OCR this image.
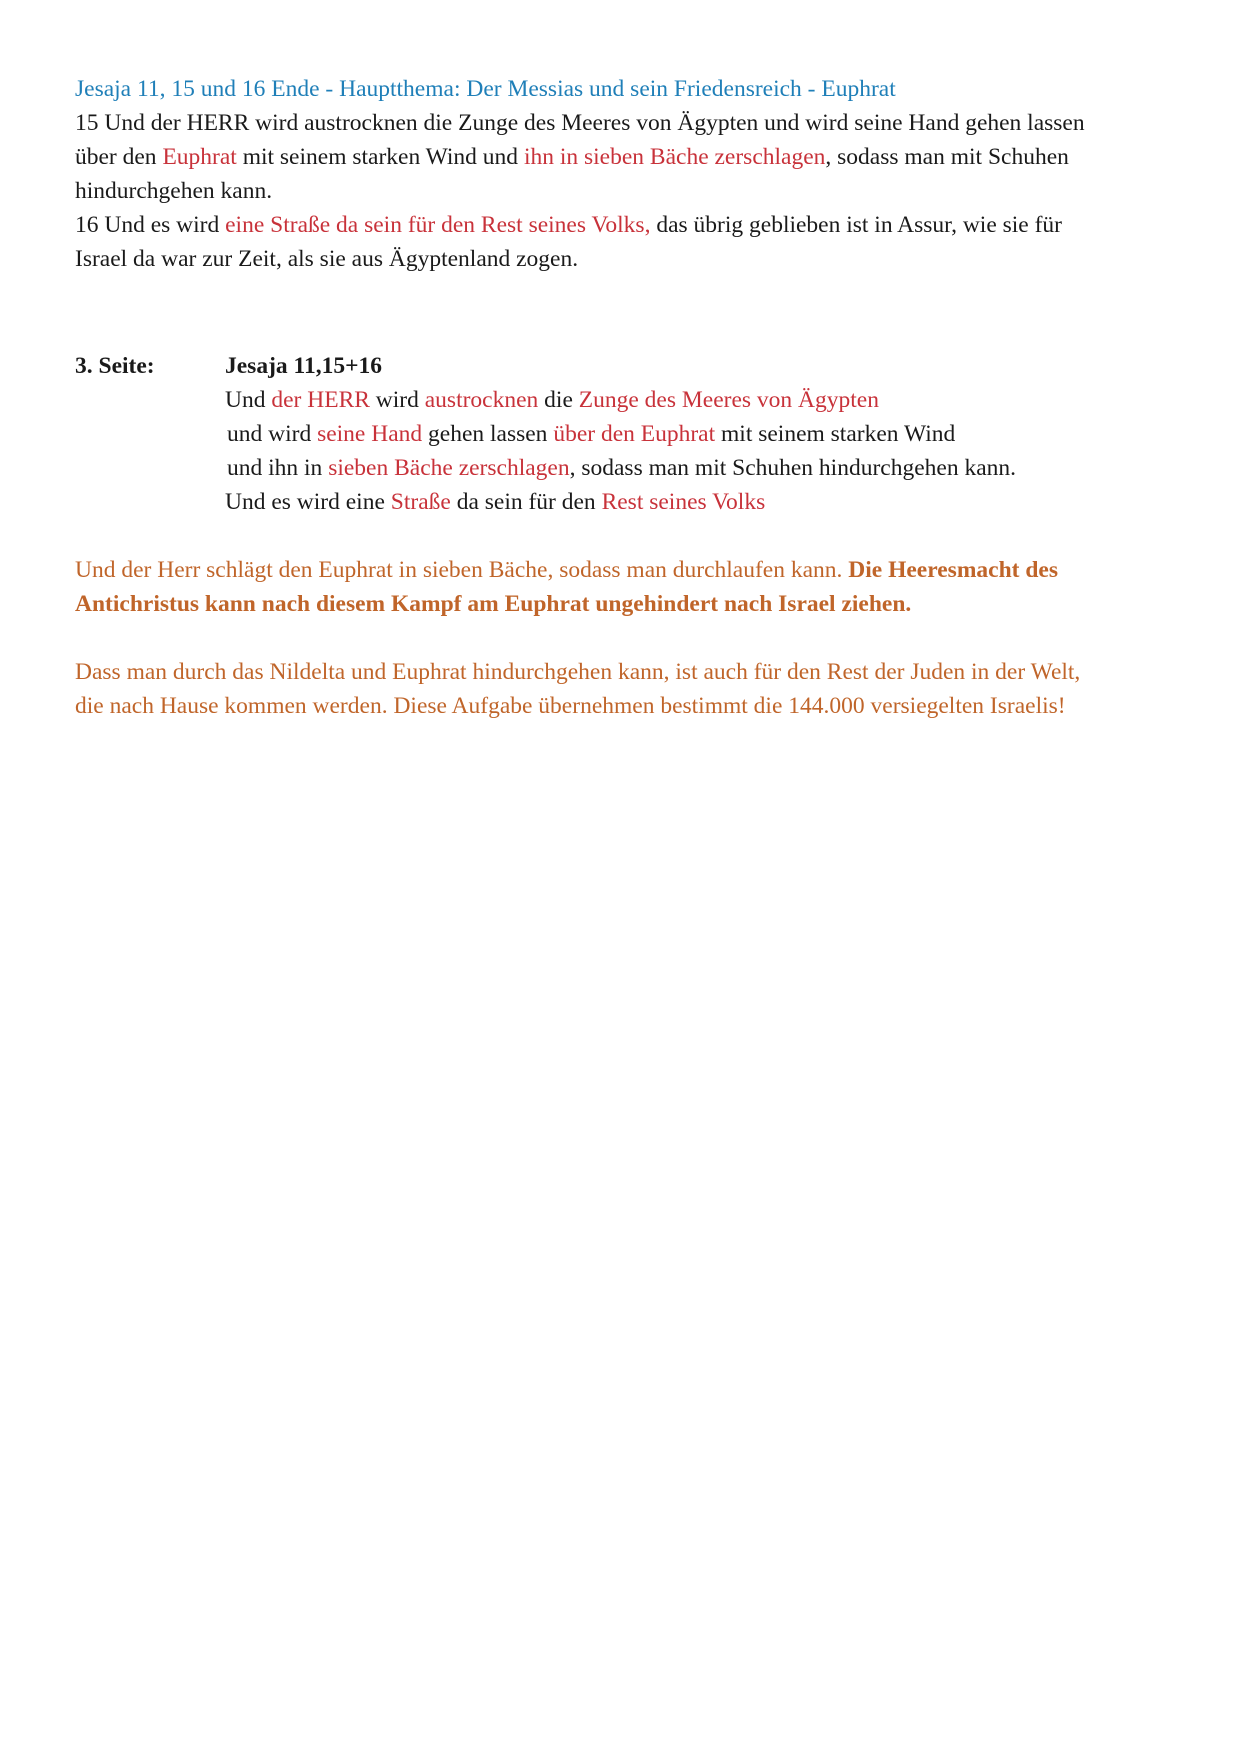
Jesaja 11, 15 und 16 Ende - Hauptthema: Der Messias und sein Friedensreich - Euphrat
15 Und der HERR wird austrocknen die Zunge des Meeres von Ägypten und wird seine Hand gehen lassen
über den Euphrat mit seinem starken Wind und ihn in sieben Bäche zerschlagen, sodass man mit Schuhen
hindurchgehen kann.
16 Und es wird eine Straße da sein für den Rest seines Volks, das übrig geblieben ist in Assur, wie sie für
Israel da war zur Zeit, als sie aus Ägyptenland zogen.
3. Seite:	Jesaja 11,15+16
Und der HERR wird austrocknen die Zunge des Meeres von Ägypten
und wird seine Hand gehen lassen über den Euphrat mit seinem starken Wind
und ihn in sieben Bäche zerschlagen, sodass man mit Schuhen hindurchgehen kann.
Und es wird eine Straße da sein für den Rest seines Volks
Und der Herr schlägt den Euphrat in sieben Bäche, sodass man durchlaufen kann. Die Heeresmacht des
Antichristus kann nach diesem Kampf am Euphrat ungehindert nach Israel ziehen.
Dass man durch das Nildelta und Euphrat hindurchgehen kann, ist auch für den Rest der Juden in der Welt,
die nach Hause kommen werden. Diese Aufgabe übernehmen bestimmt die 144.000 versiegelten Israelis!
